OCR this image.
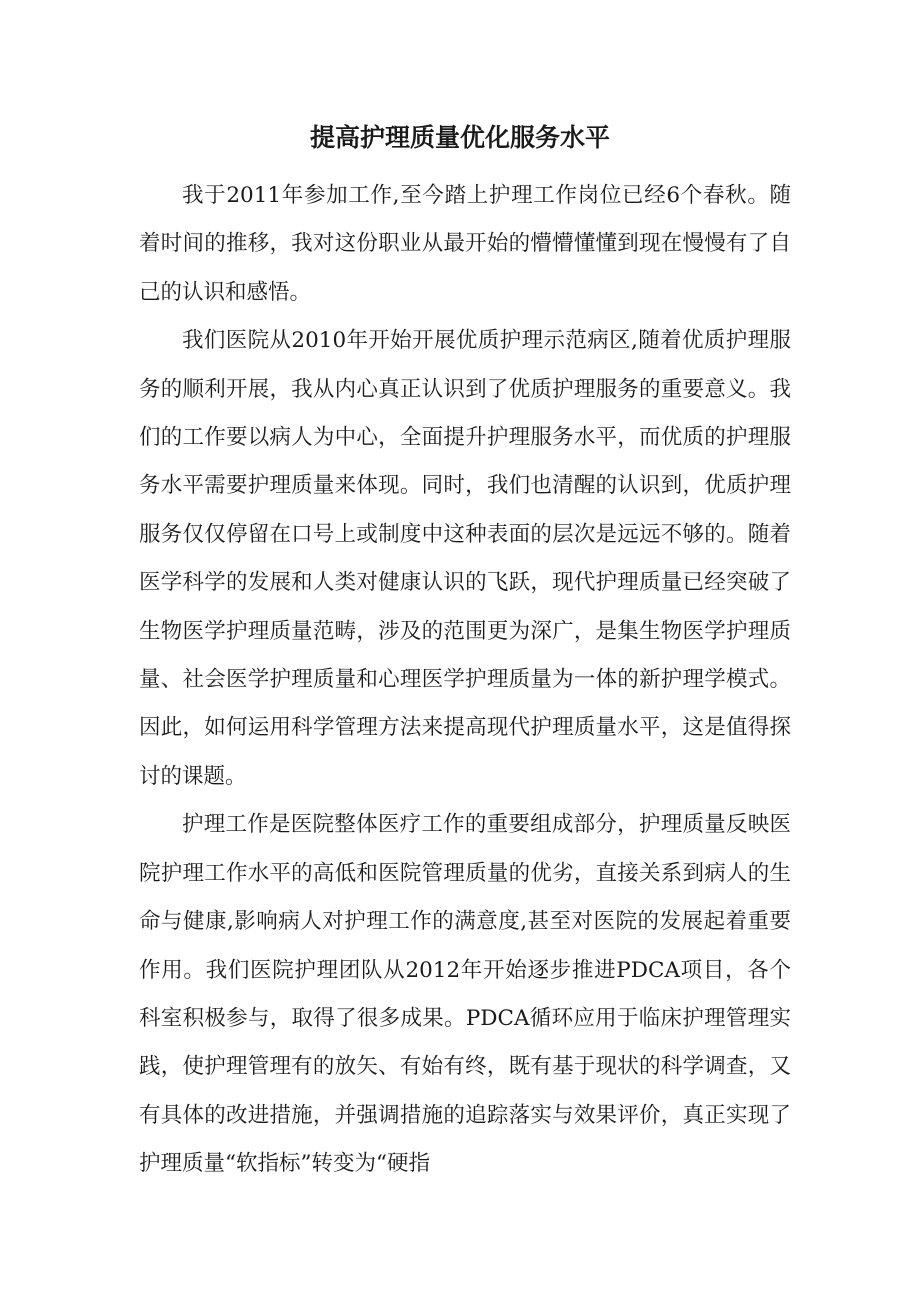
提高护理质量优化服务水平

我于2011年参加工作,至今踏上护理工作岗位已经6个春秋。随着时间的推移，我对这份职业从最开始的懵懵懂懂到现在慢慢有了自己的认识和感悟。

我们医院从2010年开始开展优质护理示范病区,随着优质护理服务的顺利开展，我从内心真正认识到了优质护理服务的重要意义。我们的工作要以病人为中心，全面提升护理服务水平，而优质的护理服务水平需要护理质量来体现。同时，我们也清醒的认识到，优质护理服务仅仅停留在口号上或制度中这种表面的层次是远远不够的。随着医学科学的发展和人类对健康认识的飞跃，现代护理质量已经突破了生物医学护理质量范畴，涉及的范围更为深广，是集生物医学护理质量、社会医学护理质量和心理医学护理质量为一体的新护理学模式。因此，如何运用科学管理方法来提高现代护理质量水平，这是值得探讨的课题。

护理工作是医院整体医疗工作的重要组成部分，护理质量反映医院护理工作水平的高低和医院管理质量的优劣，直接关系到病人的生命与健康,影响病人对护理工作的满意度,甚至对医院的发展起着重要作用。我们医院护理团队从2012年开始逐步推进PDCA项目，各个科室积极参与，取得了很多成果。PDCA循环应用于临床护理管理实践，使护理管理有的放矢、有始有终，既有基于现状的科学调查，又有具体的改进措施，并强调措施的追踪落实与效果评价，真正实现了护理质量“软指标”转变为“硬指
